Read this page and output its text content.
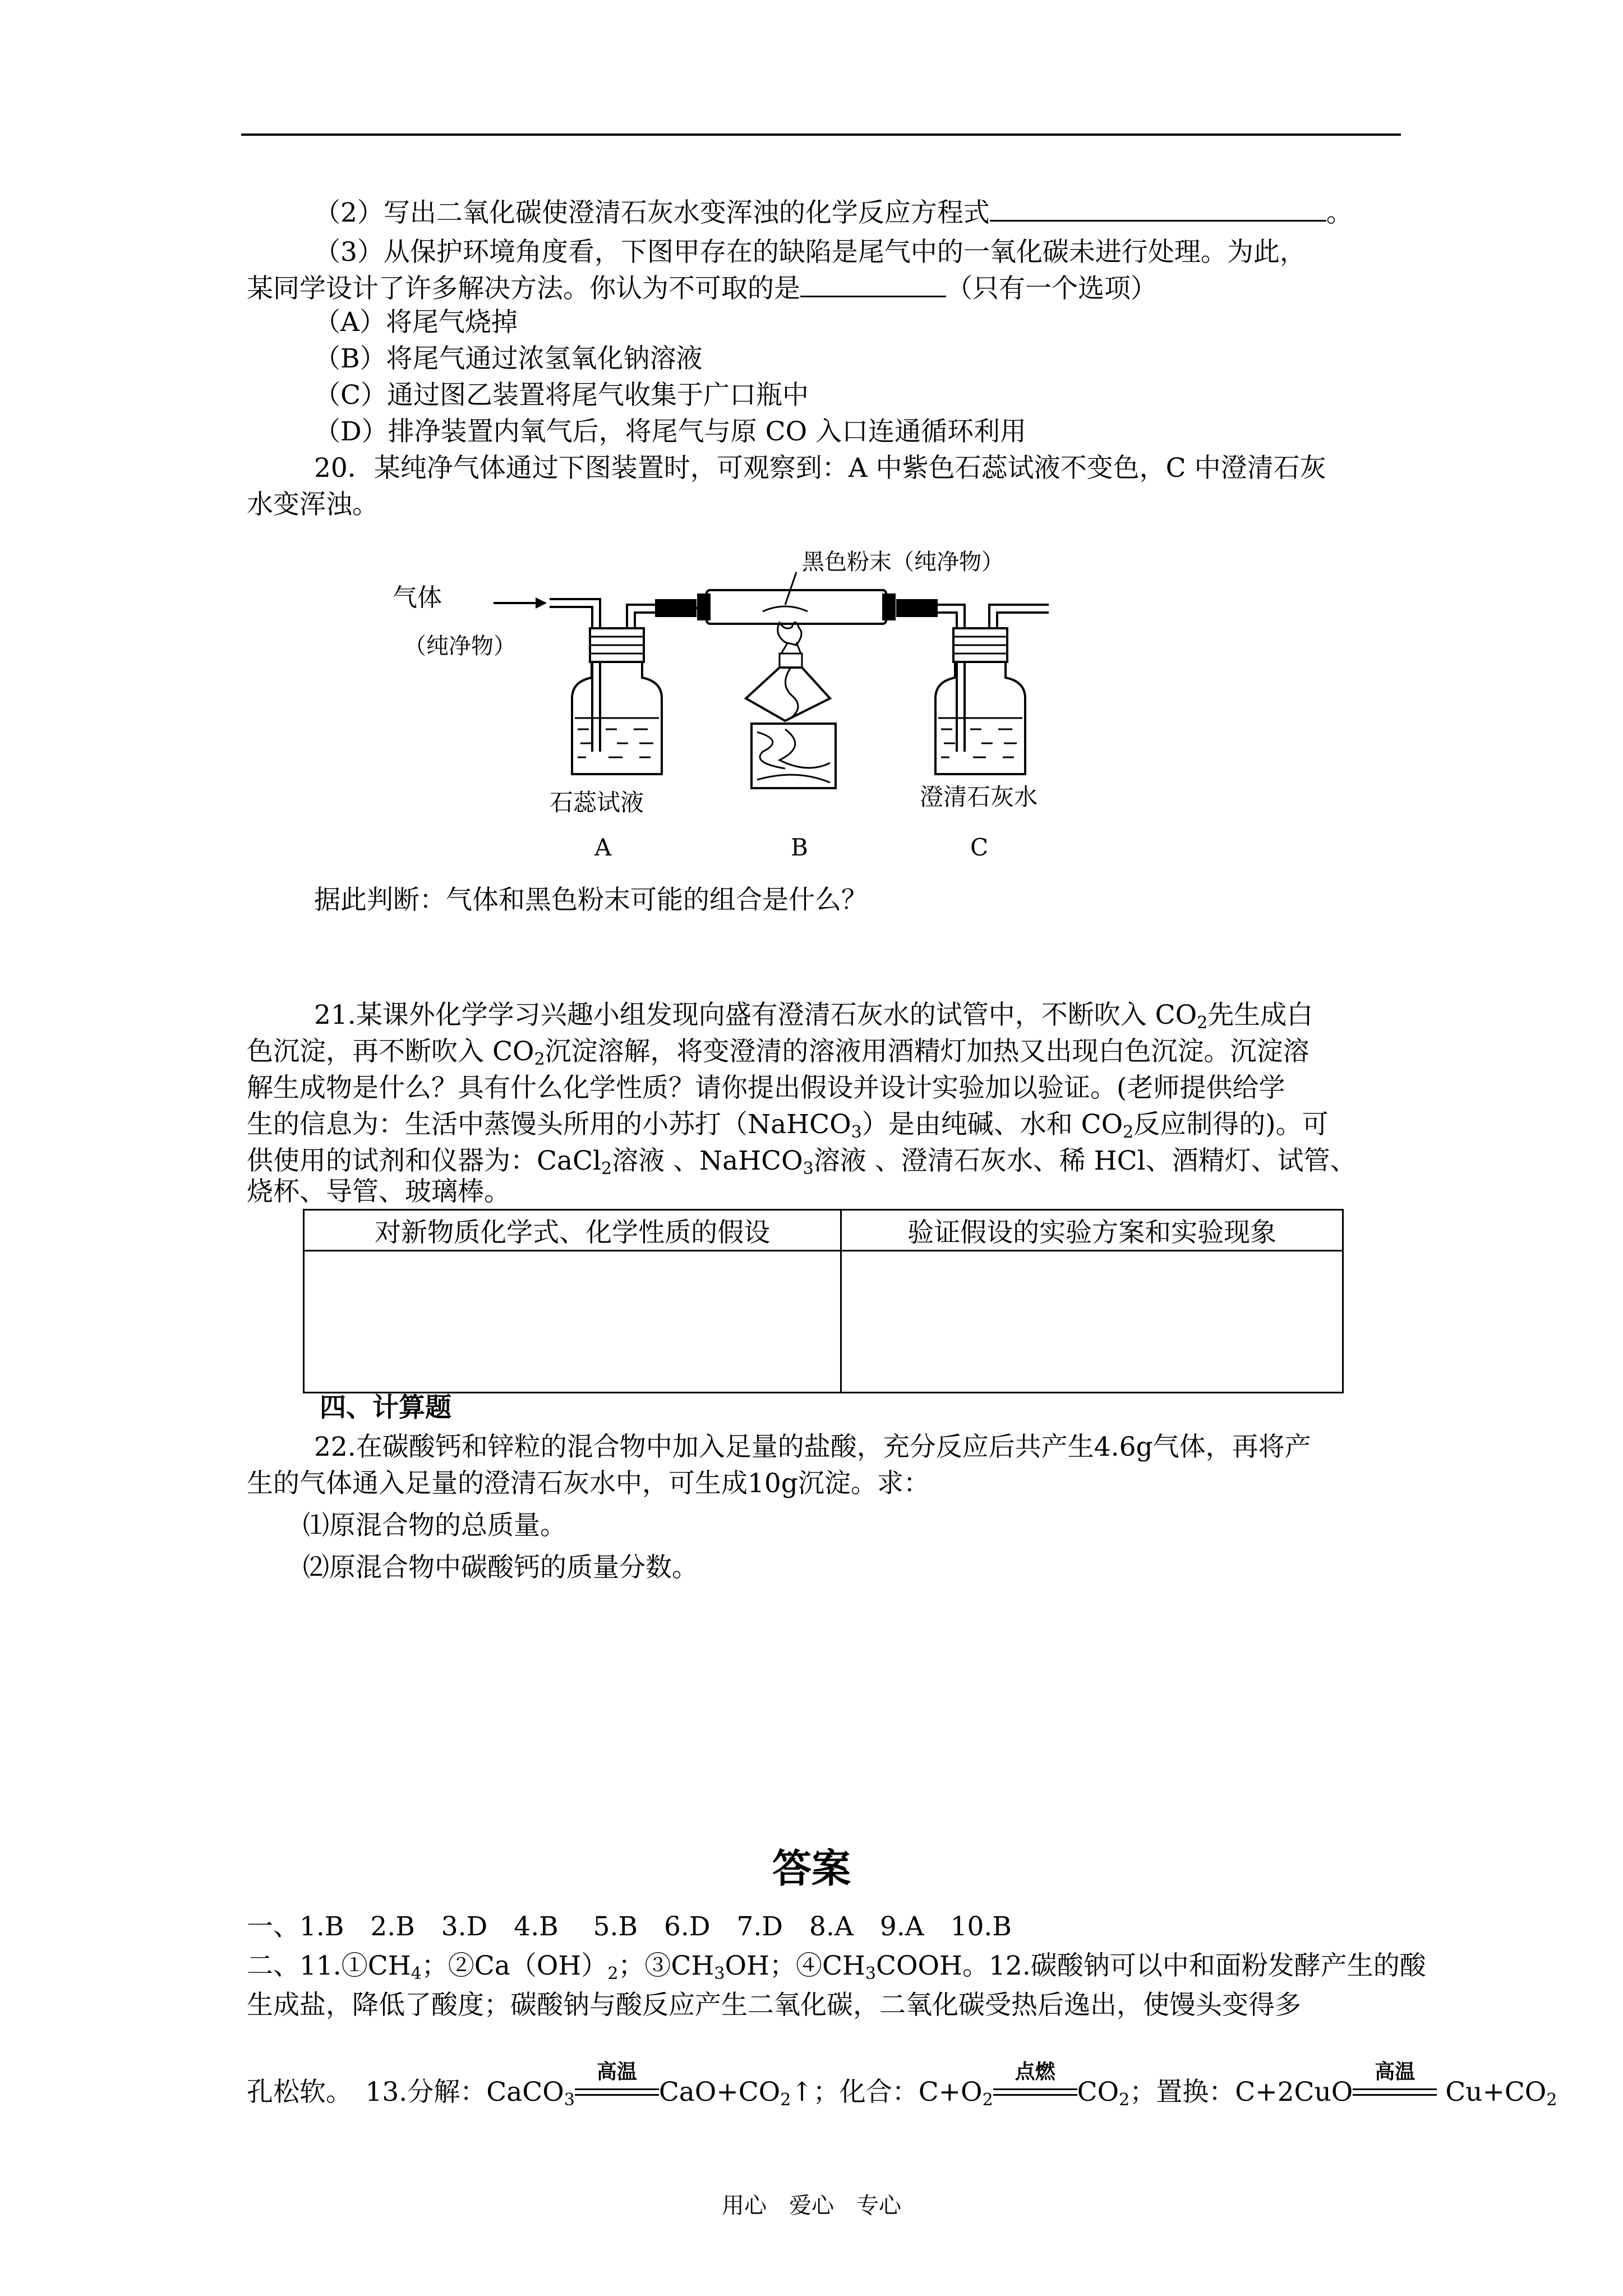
（2）写出二氧化碳使澄清石灰水变浑浊的化学反应方程式	。
（3）从保护环境角度看，下图甲存在的缺陷是尾气中的一氧化碳未进行处理。为此，
某同学设计了许多解决方法。你认为不可取的是	（只有一个选项）
（A）将尾气烧掉
（B）将尾气通过浓氢氧化钠溶液
（C）通过图乙装置将尾气收集于广口瓶中
（D）排净装置内氧气后，将尾气与原 CO 入口连通循环利用
20．某纯净气体通过下图装置时，可观察到：A 中紫色石蕊试液不变色，C 中澄清石灰
水变浑浊。
气体
（纯净物）
黑色粉末（纯净物）
石蕊试液	澄清石灰水
A	B	C
据此判断：气体和黑色粉末可能的组合是什么？
21.某课外化学学习兴趣小组发现向盛有澄清石灰水的试管中，不断吹入 $CO_2$先生成白
色沉淀，再不断吹入 $CO_2$沉淀溶解，将变澄清的溶液用酒精灯加热又出现白色沉淀。沉淀溶
解生成物是什么？具有什么化学性质？请你提出假设并设计实验加以验证。(老师提供给学
生的信息为：生活中蒸馒头所用的小苏打（NaHCO$_3$）是由纯碱、水和 $CO_2$反应制得的)。可
供使用的试剂和仪器为：CaCl$_2$溶液 、NaHCO$_3$溶液 、澄清石灰水、稀 HCl、酒精灯、试管、
烧杯、导管、玻璃棒。
对新物质化学式、化学性质的假设	验证假设的实验方案和实验现象

四、计算题
22.在碳酸钙和锌粒的混合物中加入足量的盐酸，充分反应后共产生4.6g气体，再将产
生的气体通入足量的澄清石灰水中，可生成10g沉淀。求：
⑴原混合物的总质量。
⑵原混合物中碳酸钙的质量分数。
答案
一、1.B　2.B　3.D　4.B　 5.B　6.D　7.D　8.A　9.A　10.B
二、$11.①CH_4$；$②Ca(OH)_2$；$③CH_3OH$；$④CH_3COOH$。12.碳酸钠可以中和面粉发酵产生的酸
生成盐，降低了酸度；碳酸钠与酸反应产生二氧化碳，二氧化碳受热后逸出，使馒头变得多
孔松软。　13.分解：CaCO$_3$
高温
$CaO+CO_2↑$；化合：$C+O_2$
点燃
$CO_2$；置换：C+2CuO
高温
$Cu+CO_2$
用心　爱心　专心
